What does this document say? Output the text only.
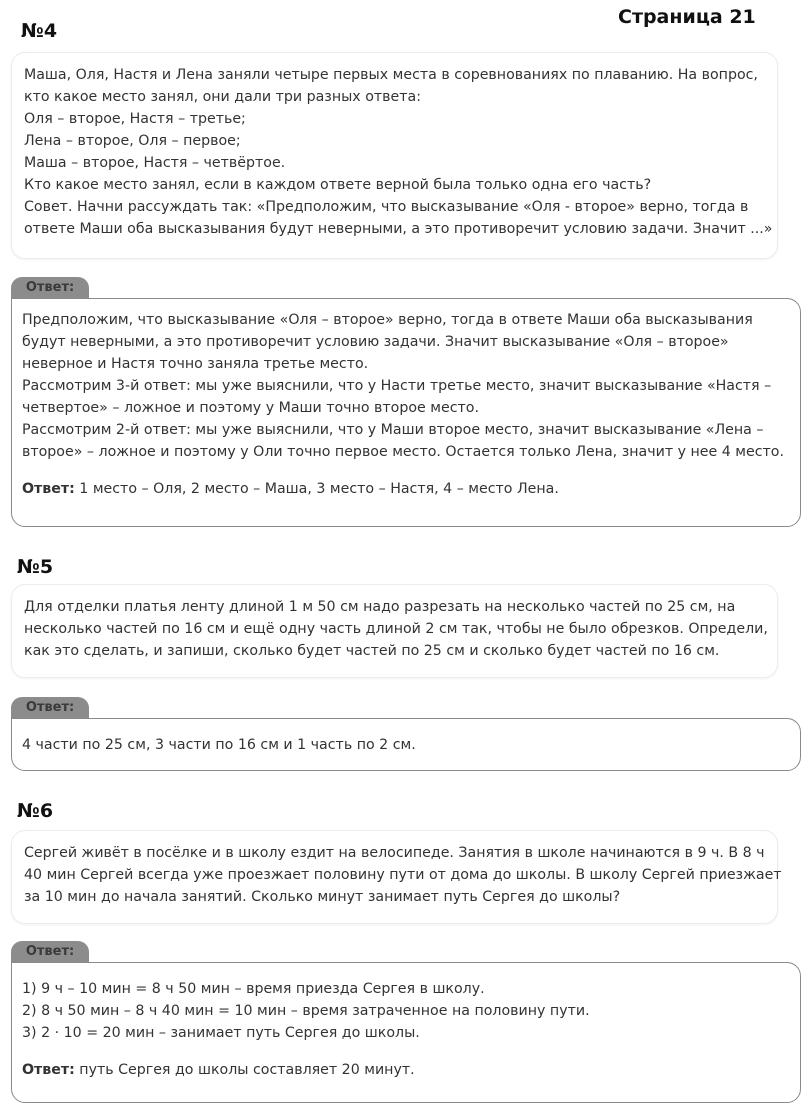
Страница 21
№4
Маша, Оля, Настя и Лена заняли четыре первых места в соревнованиях по плаванию. На вопрос,
кто какое место занял, они дали три разных ответа:
Оля – второе, Настя – третье;
Лена – второе, Оля – первое;
Маша – второе, Настя – четвёртое.
Кто какое место занял, если в каждом ответе верной была только одна его часть?
Совет. Начни рассуждать так: «Предположим, что высказывание «Оля - второе» верно, тогда в
ответе Маши оба высказывания будут неверными, а это противоречит условию задачи. Значит ...»
Ответ:
Предположим, что высказывание «Оля – второе» верно, тогда в ответе Маши оба высказывания
будут неверными, а это противоречит условию задачи. Значит высказывание «Оля – второе»
неверное и Настя точно заняла третье место.
Рассмотрим 3-й ответ: мы уже выяснили, что у Насти третье место, значит высказывание «Настя –
четвертое» – ложное и поэтому у Маши точно второе место.
Рассмотрим 2-й ответ: мы уже выяснили, что у Маши второе место, значит высказывание «Лена –
второе» – ложное и поэтому у Оли точно первое место. Остается только Лена, значит у нее 4 место.
Ответ: 1 место – Оля, 2 место – Маша, 3 место – Настя, 4 – место Лена.
№5
Для отделки платья ленту длиной 1 м 50 см надо разрезать на несколько частей по 25 см, на
несколько частей по 16 см и ещё одну часть длиной 2 см так, чтобы не было обрезков. Определи,
как это сделать, и запиши, сколько будет частей по 25 см и сколько будет частей по 16 см.
Ответ:
4 части по 25 см, 3 части по 16 см и 1 часть по 2 см.
№6
Сергей живёт в посёлке и в школу ездит на велосипеде. Занятия в школе начинаются в 9 ч. В 8 ч
40 мин Сергей всегда уже проезжает половину пути от дома до школы. В школу Сергей приезжает
за 10 мин до начала занятий. Сколько минут занимает путь Сергея до школы?
Ответ:
1) 9 ч – 10 мин = 8 ч 50 мин – время приезда Сергея в школу.
2) 8 ч 50 мин – 8 ч 40 мин = 10 мин – время затраченное на половину пути.
3) 2 · 10 = 20 мин – занимает путь Сергея до школы.
Ответ: путь Сергея до школы составляет 20 минут.
